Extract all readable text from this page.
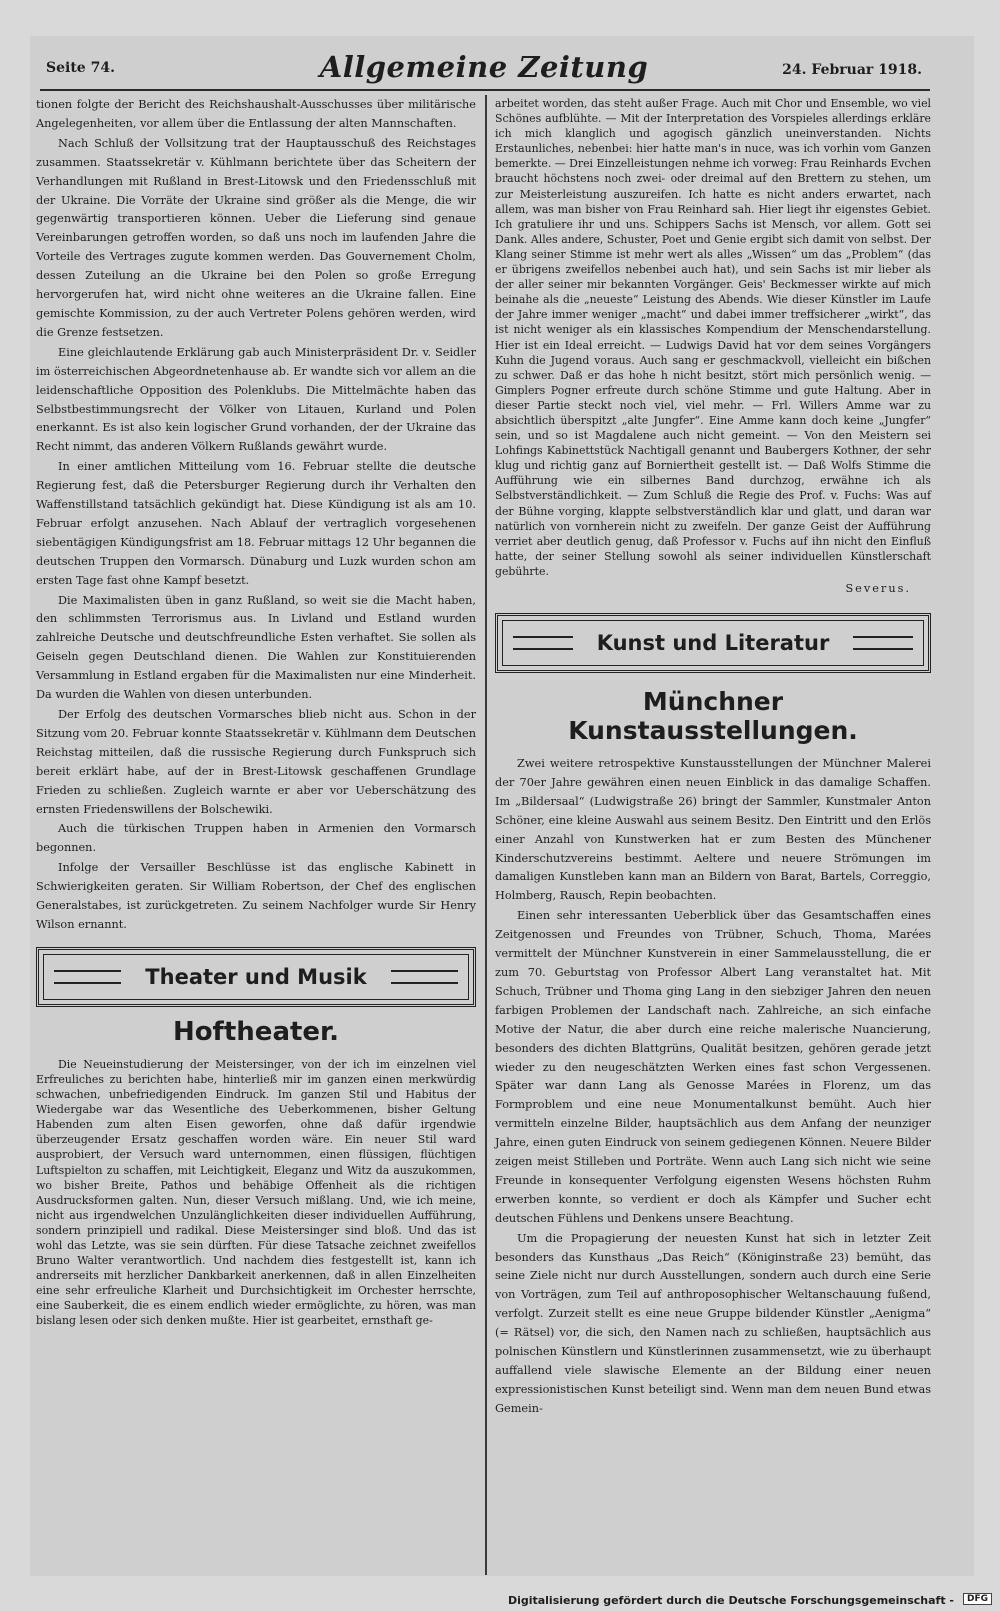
Seite 74.	Allgemeine Zeitung	24. Februar 1918.

tionen folgte der Bericht des Reichshaushalt-Ausschusses über militärische Angelegenheiten, vor allem über die Entlassung der alten Mannschaften.

Nach Schluß der Vollsitzung trat der Hauptausschuß des Reichstages zusammen. Staatssekretär v. Kühlmann berichtete über das Scheitern der Verhandlungen mit Rußland in Brest-Litowsk und den Friedensschluß mit der Ukraine. Die Vorräte der Ukraine sind größer als die Menge, die wir gegenwärtig transportieren können. Ueber die Lieferung sind genaue Vereinbarungen getroffen worden, so daß uns noch im laufenden Jahre die Vorteile des Vertrages zugute kommen werden. Das Gouvernement Cholm, dessen Zuteilung an die Ukraine bei den Polen so große Erregung hervorgerufen hat, wird nicht ohne weiteres an die Ukraine fallen. Eine gemischte Kommission, zu der auch Vertreter Polens gehören werden, wird die Grenze festsetzen.

Eine gleichlautende Erklärung gab auch Ministerpräsident Dr. v. Seidler im österreichischen Abgeordnetenhause ab. Er wandte sich vor allem an die leidenschaftliche Opposition des Polenklubs. Die Mittelmächte haben das Selbstbestimmungsrecht der Völker von Litauen, Kurland und Polen enerkannt. Es ist also kein logischer Grund vorhanden, der der Ukraine das Recht nimmt, das anderen Völkern Rußlands gewährt wurde.

In einer amtlichen Mitteilung vom 16. Februar stellte die deutsche Regierung fest, daß die Petersburger Regierung durch ihr Verhalten den Waffenstillstand tatsächlich gekündigt hat. Diese Kündigung ist als am 10. Februar erfolgt anzusehen. Nach Ablauf der vertraglich vorgesehenen siebentägigen Kündigungsfrist am 18. Februar mittags 12 Uhr begannen die deutschen Truppen den Vormarsch. Dünaburg und Luzk wurden schon am ersten Tage fast ohne Kampf besetzt.

Die Maximalisten üben in ganz Rußland, so weit sie die Macht haben, den schlimmsten Terrorismus aus. In Livland und Estland wurden zahlreiche Deutsche und deutschfreundliche Esten verhaftet. Sie sollen als Geiseln gegen Deutschland dienen. Die Wahlen zur Konstituierenden Versammlung in Estland ergaben für die Maximalisten nur eine Minderheit. Da wurden die Wahlen von diesen unterbunden.

Der Erfolg des deutschen Vormarsches blieb nicht aus. Schon in der Sitzung vom 20. Februar konnte Staatssekretär v. Kühlmann dem Deutschen Reichstag mitteilen, daß die russische Regierung durch Funkspruch sich bereit erklärt habe, auf der in Brest-Litowsk geschaffenen Grundlage Frieden zu schließen. Zugleich warnte er aber vor Ueberschätzung des ernsten Friedenswillens der Bolschewiki.

Auch die türkischen Truppen haben in Armenien den Vormarsch begonnen.

Infolge der Versailler Beschlüsse ist das englische Kabinett in Schwierigkeiten geraten. Sir William Robertson, der Chef des englischen Generalstabes, ist zurückgetreten. Zu seinem Nachfolger wurde Sir Henry Wilson ernannt.

Theater und Musik
Hoftheater.

Die Neueinstudierung der Meistersinger, von der ich im einzelnen viel Erfreuliches zu berichten habe, hinterließ mir im ganzen einen merkwürdig schwachen, unbefriedigenden Eindruck. Im ganzen Stil und Habitus der Wiedergabe war das Wesentliche des Ueberkommenen, bisher Geltung Habenden zum alten Eisen geworfen, ohne daß dafür irgendwie überzeugender Ersatz geschaffen worden wäre. Ein neuer Stil ward ausprobiert, der Versuch ward unternommen, einen flüssigen, flüchtigen Luftspielton zu schaffen, mit Leichtigkeit, Eleganz und Witz da auszukommen, wo bisher Breite, Pathos und behäbige Offenheit als die richtigen Ausdrucksformen galten. Nun, dieser Versuch mißlang. Und, wie ich meine, nicht aus irgendwelchen Unzulänglichkeiten dieser individuellen Aufführung, sondern prinzipiell und radikal. Diese Meistersinger sind bloß. Und das ist wohl das Letzte, was sie sein dürften. Für diese Tatsache zeichnet zweifellos Bruno Walter verantwortlich. Und nachdem dies festgestellt ist, kann ich andrerseits mit herzlicher Dankbarkeit anerkennen, daß in allen Einzelheiten eine sehr erfreuliche Klarheit und Durchsichtigkeit im Orchester herrschte, eine Sauberkeit, die es einem endlich wieder ermöglichte, zu hören, was man bislang lesen oder sich denken mußte. Hier ist gearbeitet, ernsthaft ge-

arbeitet worden, das steht außer Frage. Auch mit Chor und Ensemble, wo viel Schönes aufblühte. — Mit der Interpretation des Vorspieles allerdings erkläre ich mich klanglich und agogisch gänzlich uneinverstanden. Nichts Erstaunliches, nebenbei: hier hatte man's in nuce, was ich vorhin vom Ganzen bemerkte. — Drei Einzelleistungen nehme ich vorweg: Frau Reinhards Evchen braucht höchstens noch zwei- oder dreimal auf den Brettern zu stehen, um zur Meisterleistung auszureifen. Ich hatte es nicht anders erwartet, nach allem, was man bisher von Frau Reinhard sah. Hier liegt ihr eigenstes Gebiet. Ich gratuliere ihr und uns. Schippers Sachs ist Mensch, vor allem. Gott sei Dank. Alles andere, Schuster, Poet und Genie ergibt sich damit von selbst. Der Klang seiner Stimme ist mehr wert als alles „Wissen“ um das „Problem“ (das er übrigens zweifellos nebenbei auch hat), und sein Sachs ist mir lieber als der aller seiner mir bekannten Vorgänger. Geis' Beckmesser wirkte auf mich beinahe als die „neueste“ Leistung des Abends. Wie dieser Künstler im Laufe der Jahre immer weniger „macht“ und dabei immer treffsicherer „wirkt“, das ist nicht weniger als ein klassisches Kompendium der Menschendarstellung. Hier ist ein Ideal erreicht. — Ludwigs David hat vor dem seines Vorgängers Kuhn die Jugend voraus. Auch sang er geschmackvoll, vielleicht ein bißchen zu schwer. Daß er das hohe h nicht besitzt, stört mich persönlich wenig. — Gimplers Pogner erfreute durch schöne Stimme und gute Haltung. Aber in dieser Partie steckt noch viel, viel mehr. — Frl. Willers Amme war zu absichtlich überspitzt „alte Jungfer“. Eine Amme kann doch keine „Jungfer“ sein, und so ist Magdalene auch nicht gemeint. — Von den Meistern sei Lohfings Kabinettstück Nachtigall genannt und Baubergers Kothner, der sehr klug und richtig ganz auf Borniertheit gestellt ist. — Daß Wolfs Stimme die Aufführung wie ein silbernes Band durchzog, erwähne ich als Selbstverständlichkeit. — Zum Schluß die Regie des Prof. v. Fuchs: Was auf der Bühne vorging, klappte selbstverständlich klar und glatt, und daran war natürlich von vornherein nicht zu zweifeln. Der ganze Geist der Aufführung verriet aber deutlich genug, daß Professor v. Fuchs auf ihn nicht den Einfluß hatte, der seiner Stellung sowohl als seiner individuellen Künstlerschaft gebührte.

Severus.

Kunst und Literatur
Münchner Kunstausstellungen.

Zwei weitere retrospektive Kunstausstellungen der Münchner Malerei der 70er Jahre gewähren einen neuen Einblick in das damalige Schaffen. Im „Bildersaal“ (Ludwigstraße 26) bringt der Sammler, Kunstmaler Anton Schöner, eine kleine Auswahl aus seinem Besitz. Den Eintritt und den Erlös einer Anzahl von Kunstwerken hat er zum Besten des Münchener Kinderschutzvereins bestimmt. Aeltere und neuere Strömungen im damaligen Kunstleben kann man an Bildern von Barat, Bartels, Correggio, Holmberg, Rausch, Repin beobachten.

Einen sehr interessanten Ueberblick über das Gesamtschaffen eines Zeitgenossen und Freundes von Trübner, Schuch, Thoma, Marées vermittelt der Münchner Kunstverein in einer Sammelausstellung, die er zum 70. Geburtstag von Professor Albert Lang veranstaltet hat. Mit Schuch, Trübner und Thoma ging Lang in den siebziger Jahren den neuen farbigen Problemen der Landschaft nach. Zahlreiche, an sich einfache Motive der Natur, die aber durch eine reiche malerische Nuancierung, besonders des dichten Blattgrüns, Qualität besitzen, gehören gerade jetzt wieder zu den neugeschätzten Werken eines fast schon Vergessenen. Später war dann Lang als Genosse Marées in Florenz, um das Formproblem und eine neue Monumentalkunst bemüht. Auch hier vermitteln einzelne Bilder, hauptsächlich aus dem Anfang der neunziger Jahre, einen guten Eindruck von seinem gediegenen Können. Neuere Bilder zeigen meist Stilleben und Porträte. Wenn auch Lang sich nicht wie seine Freunde in konsequenter Verfolgung eigensten Wesens höchsten Ruhm erwerben konnte, so verdient er doch als Kämpfer und Sucher echt deutschen Fühlens und Denkens unsere Beachtung.

Um die Propagierung der neuesten Kunst hat sich in letzter Zeit besonders das Kunsthaus „Das Reich“ (Königinstraße 23) bemüht, das seine Ziele nicht nur durch Ausstellungen, sondern auch durch eine Serie von Vorträgen, zum Teil auf anthroposophischer Weltanschauung fußend, verfolgt. Zurzeit stellt es eine neue Gruppe bildender Künstler „Aenigma“ (= Rätsel) vor, die sich, den Namen nach zu schließen, hauptsächlich aus polnischen Künstlern und Künstlerinnen zusammensetzt, wie zu überhaupt auffallend viele slawische Elemente an der Bildung einer neuen expressionistischen Kunst beteiligt sind. Wenn man dem neuen Bund etwas Gemein-

Digitalisierung gefördert durch die Deutsche Forschungsgemeinschaft -	DFG
